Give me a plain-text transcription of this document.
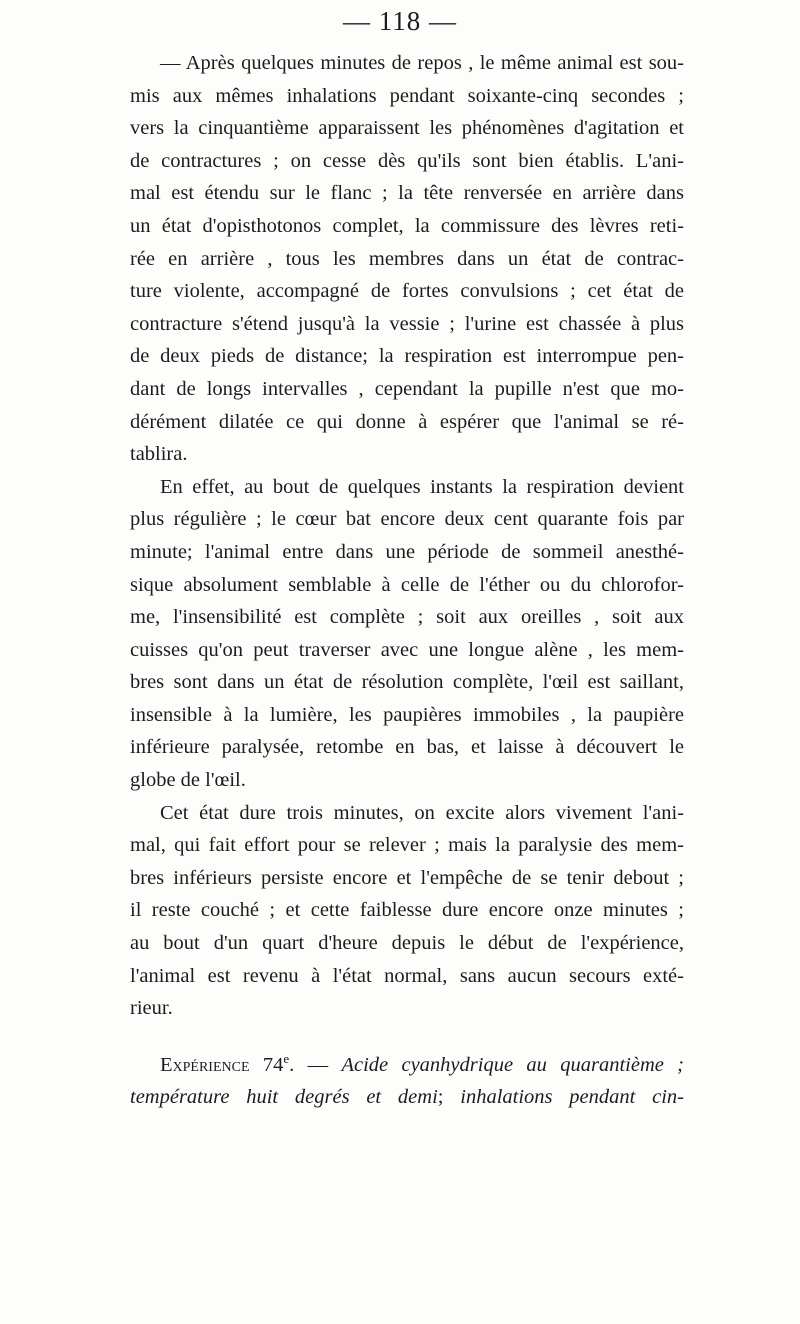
— 118 —
— Après quelques minutes de repos , le même animal est sou-
mis aux mêmes inhalations pendant soixante-cinq secondes ;
vers la cinquantième apparaissent les phénomènes d'agitation et
de contractures ; on cesse dès qu'ils sont bien établis. L'ani-
mal est étendu sur le flanc ; la tête renversée en arrière dans
un état d'opisthotonos complet, la commissure des lèvres reti-
rée en arrière , tous les membres dans un état de contrac-
ture violente, accompagné de fortes convulsions ; cet état de
contracture s'étend jusqu'à la vessie ; l'urine est chassée à plus
de deux pieds de distance; la respiration est interrompue pen-
dant de longs intervalles , cependant la pupille n'est que mo-
dérément dilatée ce qui donne à espérer que l'animal se ré-
tablira.
En effet, au bout de quelques instants la respiration devient
plus régulière ; le cœur bat encore deux cent quarante fois par
minute; l'animal entre dans une période de sommeil anesthé-
sique absolument semblable à celle de l'éther ou du chlorofor-
me, l'insensibilité est complète ; soit aux oreilles , soit aux
cuisses qu'on peut traverser avec une longue alène , les mem-
bres sont dans un état de résolution complète, l'œil est saillant,
insensible à la lumière, les paupières immobiles , la paupière
inférieure paralysée, retombe en bas, et laisse à découvert le
globe de l'œil.
Cet état dure trois minutes, on excite alors vivement l'ani-
mal, qui fait effort pour se relever ; mais la paralysie des mem-
bres inférieurs persiste encore et l'empêche de se tenir debout ;
il reste couché ; et cette faiblesse dure encore onze minutes ;
au bout d'un quart d'heure depuis le début de l'expérience,
l'animal est revenu à l'état normal, sans aucun secours exté-
rieur.
Expérience 74e. — Acide cyanhydrique au quarantième ;
température huit degrés et demi; inhalations pendant cin-
